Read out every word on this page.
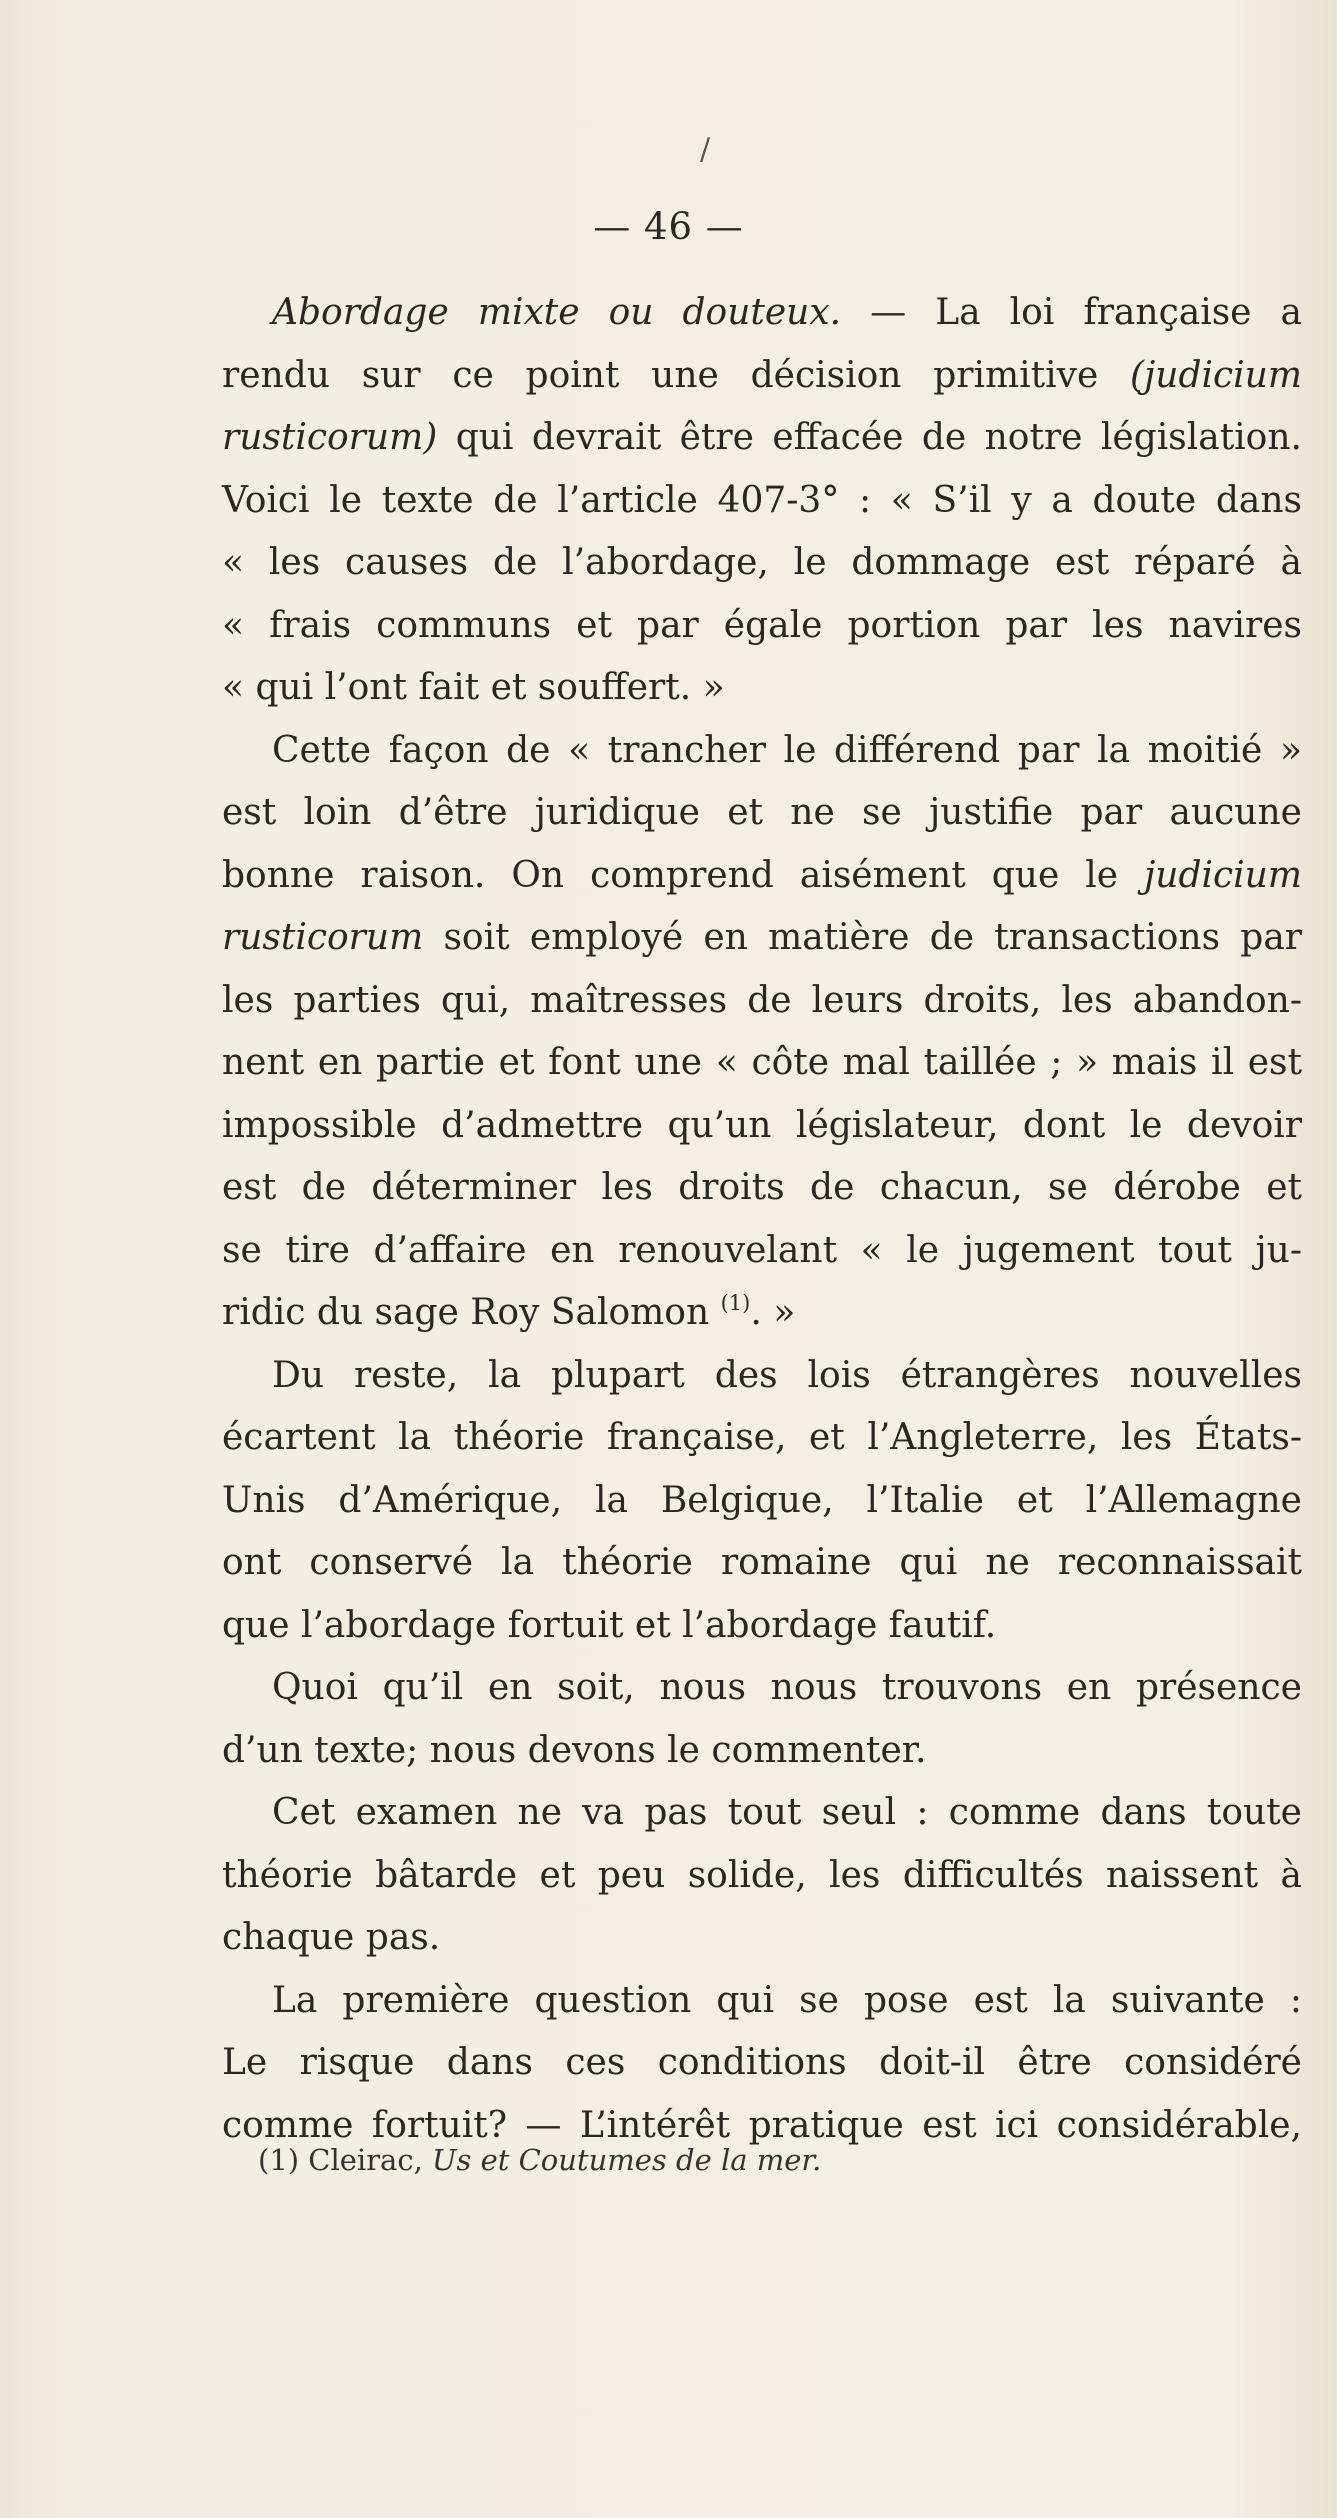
/
— 46 —
Abordage mixte ou douteux. — La loi française a
rendu sur ce point une décision primitive (judicium
rusticorum) qui devrait être effacée de notre législation.
Voici le texte de l’article 407-3° : « S’il y a doute dans
« les causes de l’abordage, le dommage est réparé à
« frais communs et par égale portion par les navires
« qui l’ont fait et souffert. »
Cette façon de « trancher le différend par la moitié »
est loin d’être juridique et ne se justifie par aucune
bonne raison. On comprend aisément que le judicium
rusticorum soit employé en matière de transactions par
les parties qui, maîtresses de leurs droits, les abandon-
nent en partie et font une « côte mal taillée ; » mais il est
impossible d’admettre qu’un législateur, dont le devoir
est de déterminer les droits de chacun, se dérobe et
se tire d’affaire en renouvelant « le jugement tout ju-
ridic du sage Roy Salomon $^{(1)}$. »
Du reste, la plupart des lois étrangères nouvelles
écartent la théorie française, et l’Angleterre, les États-
Unis d’Amérique, la Belgique, l’Italie et l’Allemagne
ont conservé la théorie romaine qui ne reconnaissait
que l’abordage fortuit et l’abordage fautif.
Quoi qu’il en soit, nous nous trouvons en présence
d’un texte; nous devons le commenter.
Cet examen ne va pas tout seul : comme dans toute
théorie bâtarde et peu solide, les difficultés naissent à
chaque pas.
La première question qui se pose est la suivante :
Le risque dans ces conditions doit-il être considéré
comme fortuit? — L’intérêt pratique est ici considérable,
(1) Cleirac, Us et Coutumes de la mer.
